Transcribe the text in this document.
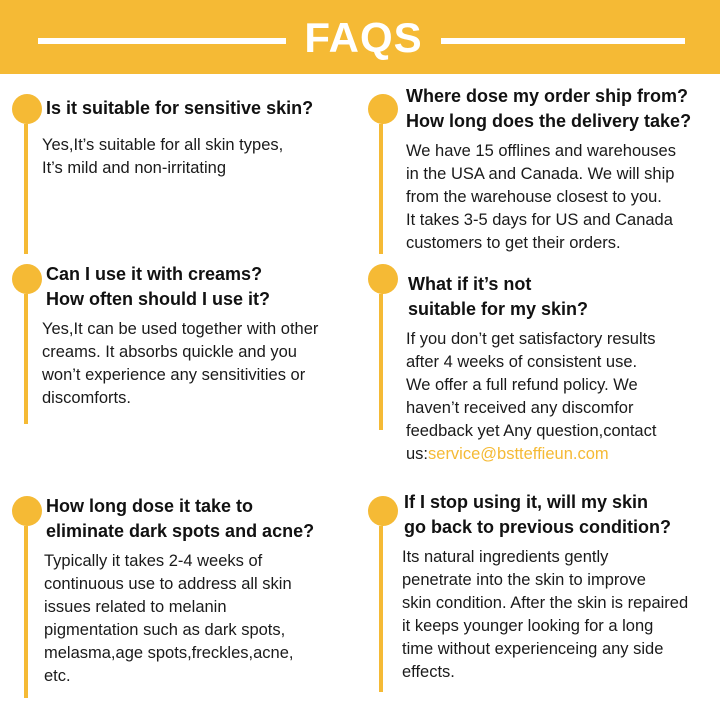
FAQS
Is it suitable for sensitive skin?
Yes,It’s suitable for all skin types,
It’s mild and non-irritating
Where dose my order ship from?
How long does the delivery take?
We have 15 offlines and warehouses
in the USA and Canada. We will ship
from the warehouse closest to you.
It takes 3-5 days for US and Canada
customers to get their orders.
Can I use it with creams?
How often should I use it?
Yes,It can be used together with other
creams. It absorbs quickle and you
won’t experience any sensitivities or
discomforts.
What if it’s not
suitable for my skin?
If you don’t get satisfactory results
after 4 weeks of consistent use.
We offer a full refund policy. We
haven’t received any discomfor
feedback yet Any question,contact
us:service@bstteffieun.com
How long dose it take to
eliminate dark spots and acne?
Typically it takes 2-4 weeks of
continuous use to address all skin
issues related to melanin
pigmentation such as dark spots,
melasma,age spots,freckles,acne,
etc.
If I stop using it, will my skin
go back to previous condition?
Its natural ingredients gently
penetrate into the skin to improve
skin condition. After the skin is repaired
it keeps younger looking for a long
time without experienceing any side
effects.
